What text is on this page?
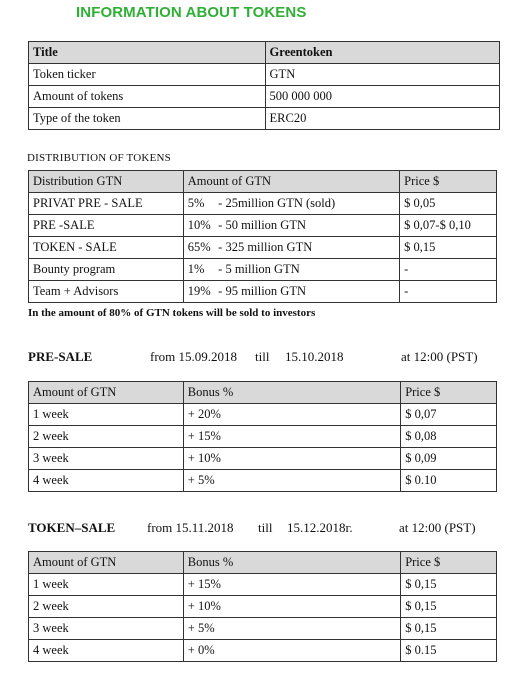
INFORMATION ABOUT TOKENS
Title	Greentoken
Token ticker	GTN
Amount of tokens	500 000 000
Type of the token	ERC20
DISTRIBUTION OF TOKENS
Distribution GTN	Amount of GTN		Price $
PRIVAT PRE - SALE	5%	- 25million GTN (sold)	$ 0,05
PRE -SALE	10%	- 50 million GTN	$ 0,07-$ 0,10
TOKEN - SALE	65%	- 325 million GTN	$ 0,15
Bounty program	1%	- 5 million GTN	-
Team + Advisors	19%	- 95 million GTN	-
In the amount of 80% of GTN tokens will be sold to investors
PRE-SALE	from 15.09.2018 till 15.10.2018	at 12:00 (PST)
Amount of GTN	Bonus %	Price $
1 week	+ 20%	$ 0,07
2 week	+ 15%	$ 0,08
3 week	+ 10%	$ 0,09
4 week	+ 5%	$ 0.10
TOKEN–SALE from 15.11.2018 till 15.12.2018г.	at 12:00 (PST)
Amount of GTN	Bonus %	Price $
1 week	+ 15%	$ 0,15
2 week	+ 10%	$ 0,15
3 week	+ 5%	$ 0,15
4 week	+ 0%	$ 0.15
